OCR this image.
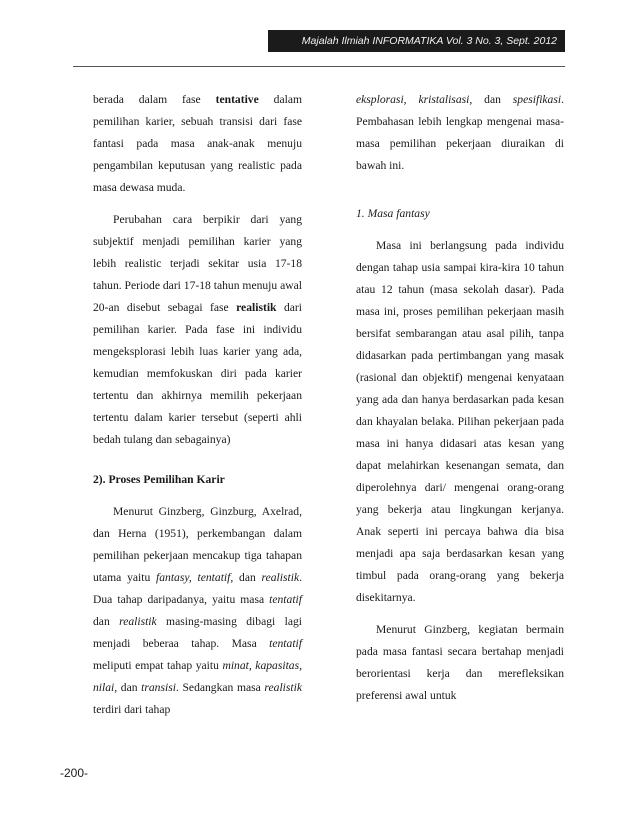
Majalah Ilmiah INFORMATIKA Vol. 3 No. 3, Sept. 2012

berada dalam fase tentative dalam pemilihan karier, sebuah transisi dari fase fantasi pada masa anak-anak menuju pengambilan keputusan yang realistic pada masa dewasa muda.

Perubahan cara berpikir dari yang subjektif menjadi pemilihan karier yang lebih realistic terjadi sekitar usia 17-18 tahun. Periode dari 17-18 tahun menuju awal 20-an disebut sebagai fase realistik dari pemilihan karier. Pada fase ini individu mengeksplorasi lebih luas karier yang ada, kemudian memfokuskan diri pada karier tertentu dan akhirnya memilih pekerjaan tertentu dalam karier tersebut (seperti ahli bedah tulang dan sebagainya)

2). Proses Pemilihan Karir

Menurut Ginzberg, Ginzburg, Axelrad, dan Herna (1951), perkembangan dalam pemilihan pekerjaan mencakup tiga tahapan utama yaitu fantasy, tentatif, dan realistik. Dua tahap daripadanya, yaitu masa tentatif dan realistik masing-masing dibagi lagi menjadi beberaa tahap. Masa tentatif meliputi empat tahap yaitu minat, kapasitas, nilai, dan transisi. Sedangkan masa realistik terdiri dari tahap

eksplorasi, kristalisasi, dan spesifikasi. Pembahasan lebih lengkap mengenai masa-masa pemilihan pekerjaan diuraikan di bawah ini.

1. Masa fantasy

Masa ini berlangsung pada individu dengan tahap usia sampai kira-kira 10 tahun atau 12 tahun (masa sekolah dasar). Pada masa ini, proses pemilihan pekerjaan masih bersifat sembarangan atau asal pilih, tanpa didasarkan pada pertimbangan yang masak (rasional dan objektif) mengenai kenyataan yang ada dan hanya berdasarkan pada kesan dan khayalan belaka. Pilihan pekerjaan pada masa ini hanya didasari atas kesan yang dapat melahirkan kesenangan semata, dan diperolehnya dari/ mengenai orang-orang yang bekerja atau lingkungan kerjanya. Anak seperti ini percaya bahwa dia bisa menjadi apa saja berdasarkan kesan yang timbul pada orang-orang yang bekerja disekitarnya.

Menurut Ginzberg, kegiatan bermain pada masa fantasi secara bertahap menjadi berorientasi kerja dan merefleksikan preferensi awal untuk

-200-
